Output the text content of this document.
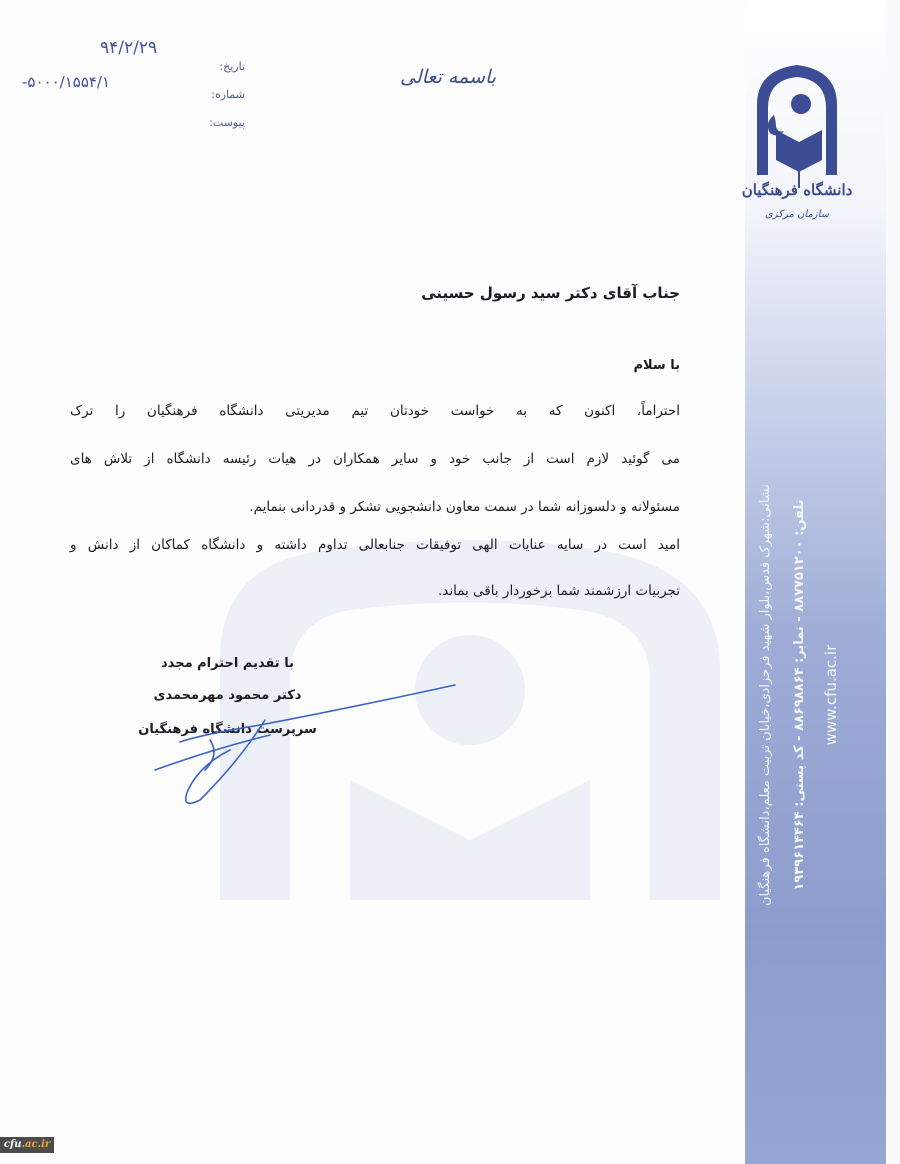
دانشگاه فرهنگیان
سازمان مرکزی
نشانی:شهرک قدس،بلوار شهید فرحزادی،خیابان تربیت معلم،دانشگاه فرهنگیان تلفن: ۸۸۷۷۵۱۲۰۰ - نمابر: ۸۸۶۹۸۸۶۴ - کد پستی: ۱۹۳۹۶۱۴۴۶۴
www.cfu.ac.ir
باسمه تعالی
تاریخ:
شماره:
پیوست:
۹۴/۲/۲۹
۵۰۰۰/۱۵۵۴/۱-
جناب آقای دکتر سید رسول حسینی
با سلام
احتراماً، اکنون که به خواست خودتان تیم مدیریتی دانشگاه فرهنگیان را ترک
می گوئید لازم است از جانب خود و سایر همکاران در هیات رئیسه دانشگاه از تلاش های
مسئولانه و دلسوزانه شما در سمت معاون دانشجویی تشکر و قدردانی بنمایم.
امید است در سایه عنایات الهی توفیقات جنابعالی تداوم داشته و دانشگاه کماکان از دانش و
تجربیات ارزشمند شما برخوردار باقی بماند.
با تقدیم احترام مجدد
دکتر محمود مهرمحمدی
سرپرست دانشگاه فرهنگیان
cfu.ac.ir
